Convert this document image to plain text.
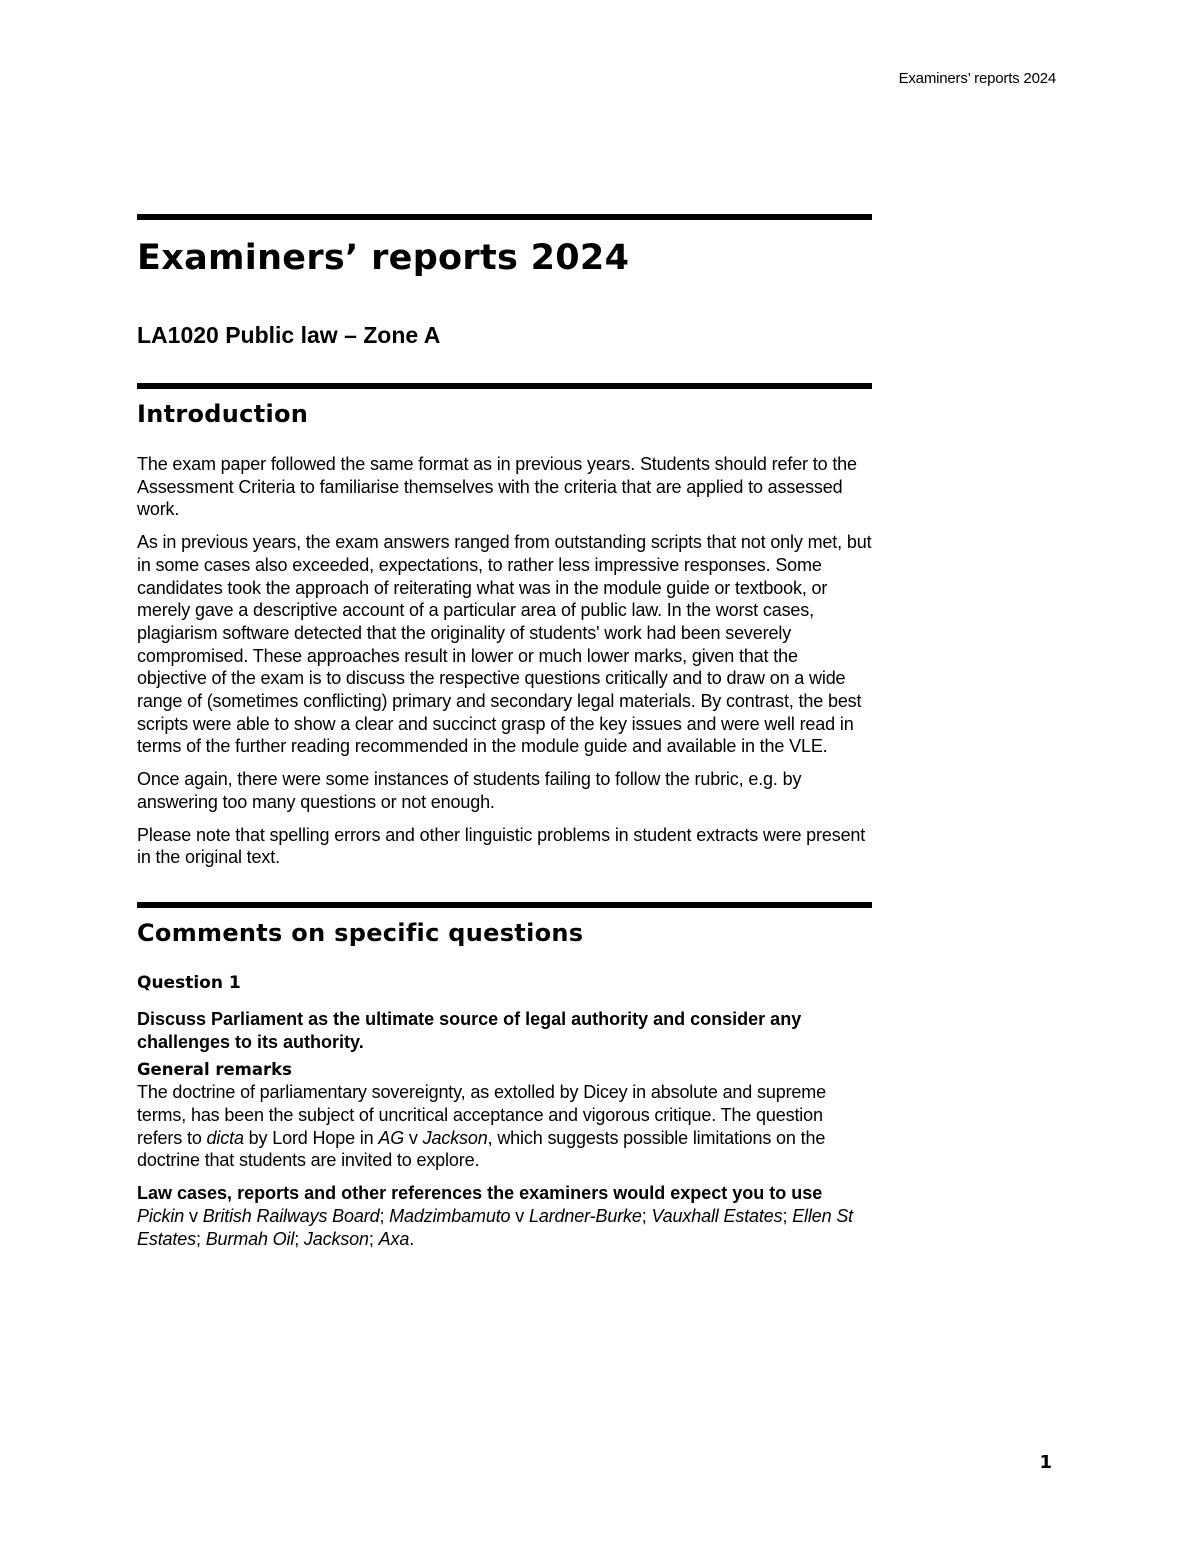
Examiners’ reports 2024
Examiners’ reports 2024
LA1020 Public law – Zone A
Introduction

The exam paper followed the same format as in previous years. Students should refer to the Assessment Criteria to familiarise themselves with the criteria that are applied to assessed work.

As in previous years, the exam answers ranged from outstanding scripts that not only met, but in some cases also exceeded, expectations, to rather less impressive responses. Some candidates took the approach of reiterating what was in the module guide or textbook, or merely gave a descriptive account of a particular area of public law. In the worst cases, plagiarism software detected that the originality of students' work had been severely compromised. These approaches result in lower or much lower marks, given that the objective of the exam is to discuss the respective questions critically and to draw on a wide range of (sometimes conflicting) primary and secondary legal materials. By contrast, the best scripts were able to show a clear and succinct grasp of the key issues and were well read in terms of the further reading recommended in the module guide and available in the VLE.

Once again, there were some instances of students failing to follow the rubric, e.g. by answering too many questions or not enough.

Please note that spelling errors and other linguistic problems in student extracts were present in the original text.

Comments on specific questions
Question 1
Discuss Parliament as the ultimate source of legal authority and consider any challenges to its authority.
General remarks

The doctrine of parliamentary sovereignty, as extolled by Dicey in absolute and supreme terms, has been the subject of uncritical acceptance and vigorous critique. The question refers to dicta by Lord Hope in AG v Jackson, which suggests possible limitations on the doctrine that students are invited to explore.

Law cases, reports and other references the examiners would expect you to use

Pickin v British Railways Board; Madzimbamuto v Lardner-Burke; Vauxhall Estates; Ellen St Estates; Burmah Oil; Jackson; Axa.

1
